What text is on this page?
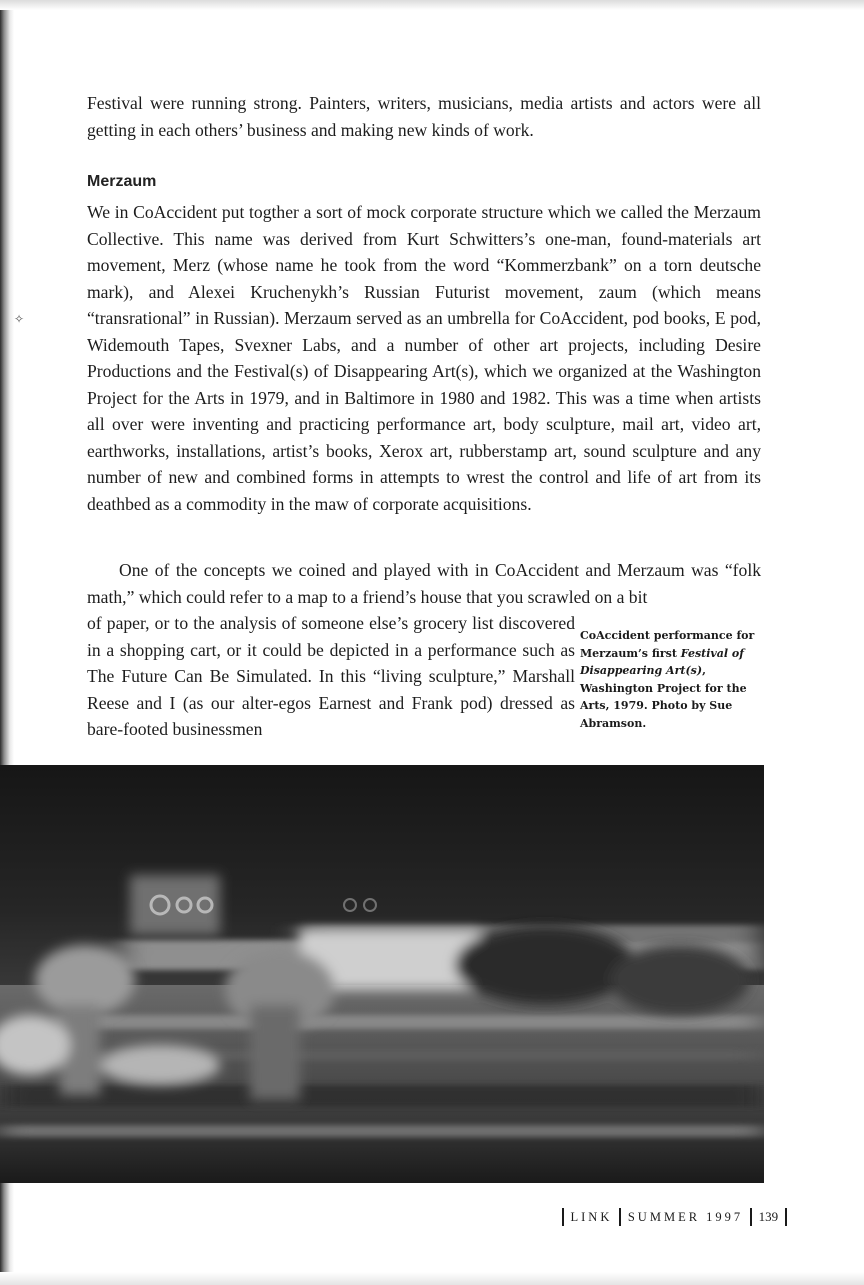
✧

Festival were running strong. Painters, writers, musicians, media artists and actors were all getting in each others’ business and making new kinds of work.

Merzaum

We in CoAccident put togther a sort of mock corporate structure which we called the Merzaum Collective. This name was derived from Kurt Schwitters’s one-man, found-materials art movement, Merz (whose name he took from the word “Kommerzbank” on a torn deutsche mark), and Alexei Kruchenykh’s Russian Futurist movement, zaum (which means “transrational” in Russian). Merzaum served as an umbrella for CoAccident, pod books, E pod, Widemouth Tapes, Svexner Labs, and a number of other art projects, including Desire Productions and the Festival(s) of Disappearing Art(s), which we organized at the Washington Project for the Arts in 1979, and in Baltimore in 1980 and 1982. This was a time when artists all over were inventing and practicing performance art, body sculpture, mail art, video art, earthworks, installations, artist’s books, Xerox art, rubberstamp art, sound sculpture and any number of new and combined forms in attempts to wrest the control and life of art from its deathbed as a commodity in the maw of corporate acquisitions.

One of the concepts we coined and played with in CoAccident and Merzaum was “folk math,” which could refer to a map to a friend’s house that you scrawled on a bit

of paper, or to the analysis of someone else’s grocery list discovered in a shopping cart, or it could be depicted in a performance such as The Future Can Be Simulated. In this “living sculpture,” Marshall Reese and I (as our alter-egos Earnest and Frank pod) dressed as bare-footed businessmen

CoAccident performance for Merzaum’s first Festival of Disappearing Art(s), Washington Project for the Arts, 1979. Photo by Sue Abramson.
LINK SUMMER 1997 139
